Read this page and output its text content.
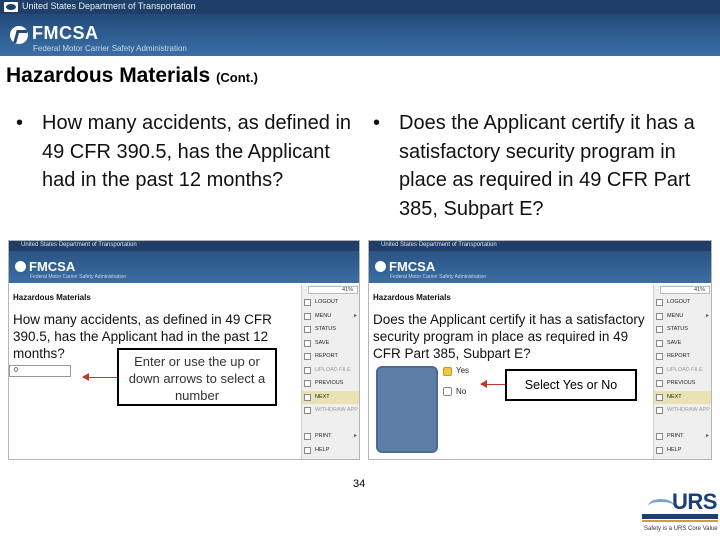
United States Department of Transportation
FMCSA
Federal Motor Carrier Safety Administration
Hazardous Materials (Cont.)
• How many accidents, as defined in 49 CFR 390.5, has the Applicant had in the past 12 months?
• Does the Applicant certify it has a satisfactory security program in place as required in 49 CFR Part 385, Subpart E?
United States Department of Transportation
FMCSA
Federal Motor Carrier Safety Administration
Hazardous Materials
How many accidents, as defined in 49 CFR 390.5, has the Applicant had in the past 12 months?
0
Enter or use the up or down arrows to select a number
41%
LOGOUT
MENU
▸
STATUS
SAVE
REPORT
UPLOAD FILE
PREVIOUS
NEXT
WITHDRAW APP
PRINT
▸
HELP
United States Department of Transportation
FMCSA
Federal Motor Carrier Safety Administration
Hazardous Materials
Does the Applicant certify it has a satisfactory security program in place as required in 49 CFR Part 385, Subpart E?
Yes
No	Select Yes or No
41%
LOGOUT
MENU
▸
STATUS
SAVE
REPORT
UPLOAD FILE
PREVIOUS
NEXT
WITHDRAW APP
PRINT
▸
HELP
34
URS
Safety is a URS Core Value
